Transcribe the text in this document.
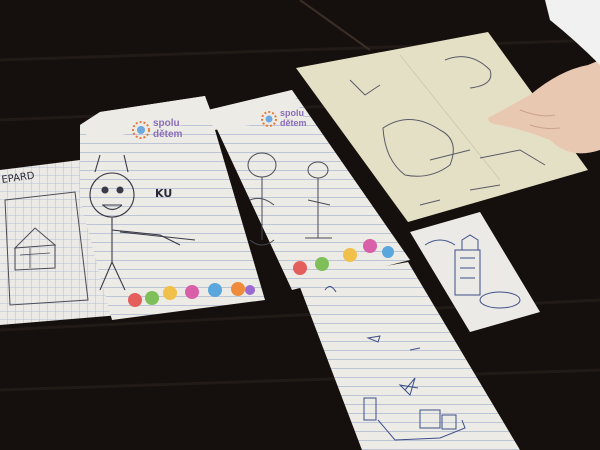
EPARD
spolu
dětem
KU
spolu
dětem
